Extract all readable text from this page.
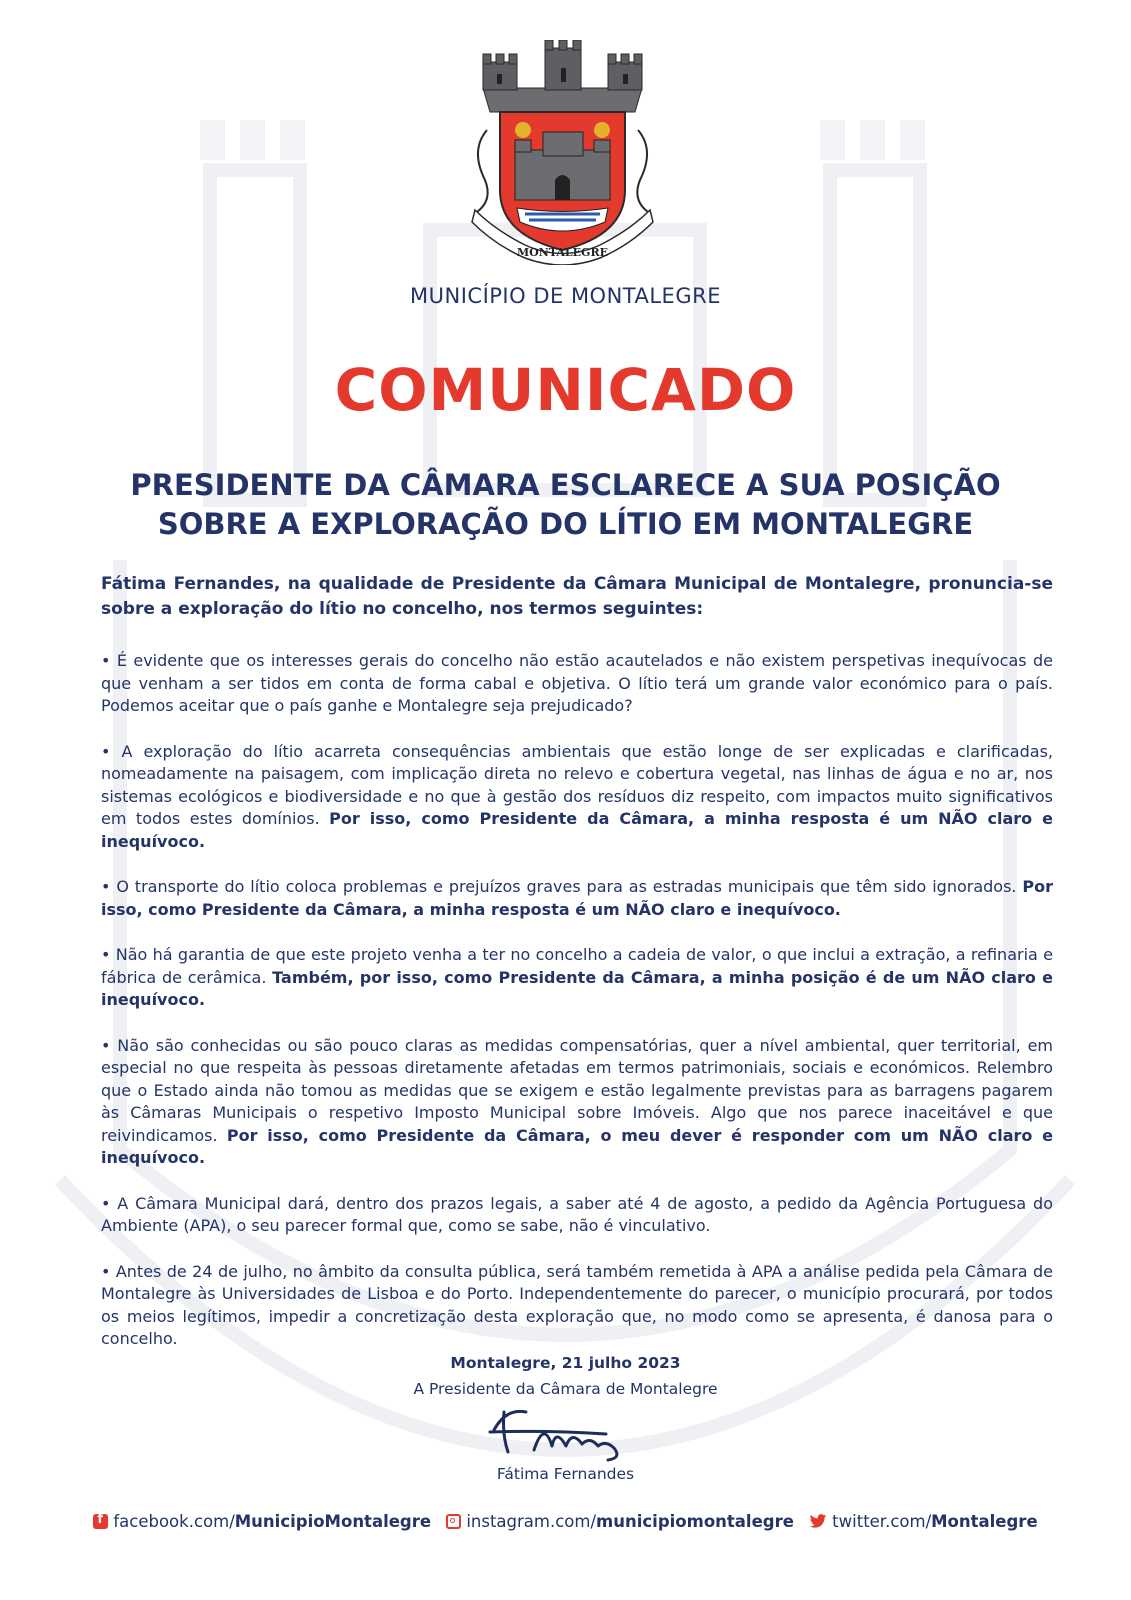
MONTALEGRE
MUNICÍPIO DE MONTALEGRE
COMUNICADO
PRESIDENTE DA CÂMARA ESCLARECE A SUA POSIÇÃO
SOBRE A EXPLORAÇÃO DO LÍTIO EM MONTALEGRE
Fátima Fernandes, na qualidade de Presidente da Câmara Municipal de Montalegre, pronuncia-se sobre a exploração do lítio no concelho, nos termos seguintes:

• É evidente que os interesses gerais do concelho não estão acautelados e não existem perspetivas inequívocas de que venham a ser tidos em conta de forma cabal e objetiva. O lítio terá um grande valor económico para o país. Podemos aceitar que o país ganhe e Montalegre seja prejudicado?

• A exploração do lítio acarreta consequências ambientais que estão longe de ser explicadas e clarificadas, nomeadamente na paisagem, com implicação direta no relevo e cobertura vegetal, nas linhas de água e no ar, nos sistemas ecológicos e biodiversidade e no que à gestão dos resíduos diz respeito, com impactos muito significativos em todos estes domínios. Por isso, como Presidente da Câmara, a minha resposta é um NÃO claro e inequívoco.

• O transporte do lítio coloca problemas e prejuízos graves para as estradas municipais que têm sido ignorados. Por isso, como Presidente da Câmara, a minha resposta é um NÃO claro e inequívoco.

• Não há garantia de que este projeto venha a ter no concelho a cadeia de valor, o que inclui a extração, a refinaria e fábrica de cerâmica. Também, por isso, como Presidente da Câmara, a minha posição é de um NÃO claro e inequívoco.

• Não são conhecidas ou são pouco claras as medidas compensatórias, quer a nível ambiental, quer territorial, em especial no que respeita às pessoas diretamente afetadas em termos patrimoniais, sociais e económicos. Relembro que o Estado ainda não tomou as medidas que se exigem e estão legalmente previstas para as barragens pagarem às Câmaras Municipais o respetivo Imposto Municipal sobre Imóveis. Algo que nos parece inaceitável e que reivindicamos. Por isso, como Presidente da Câmara, o meu dever é responder com um NÃO claro e inequívoco.

• A Câmara Municipal dará, dentro dos prazos legais, a saber até 4 de agosto, a pedido da Agência Portuguesa do Ambiente (APA), o seu parecer formal que, como se sabe, não é vinculativo.

• Antes de 24 de julho, no âmbito da consulta pública, será também remetida à APA a análise pedida pela Câmara de Montalegre às Universidades de Lisboa e do Porto. Independentemente do parecer, o município procurará, por todos os meios legítimos, impedir a concretização desta exploração que, no modo como se apresenta, é danosa para o concelho.

Montalegre, 21 julho 2023
A Presidente da Câmara de Montalegre
Fátima Fernandes
ffacebook.com/MunicipioMontalegre instagram.com/municipiomontalegre twitter.com/Montalegre
